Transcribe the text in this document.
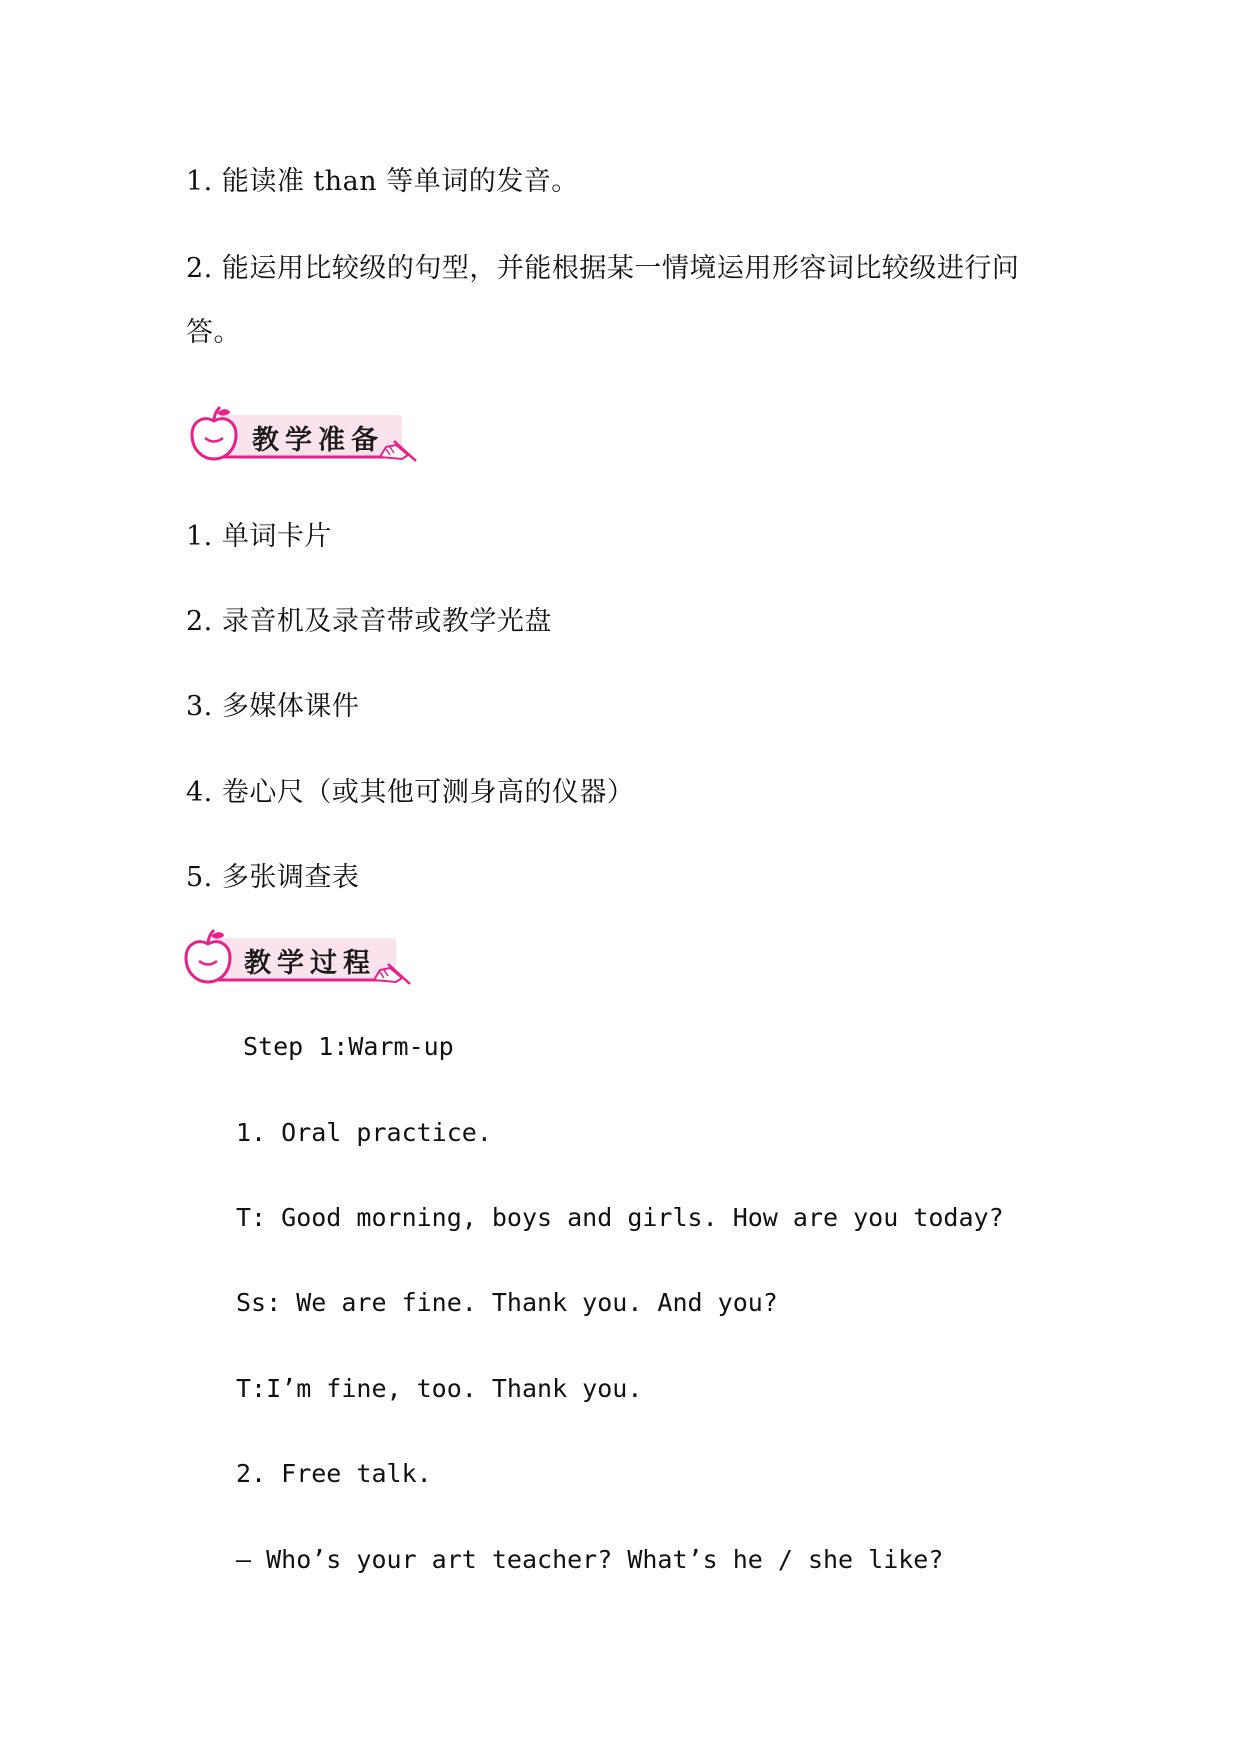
1. 能读准 than 等单词的发音。
2. 能运用比较级的句型，并能根据某一情境运用形容词比较级进行问
答。
教学准备
1. 单词卡片
2. 录音机及录音带或教学光盘
3. 多媒体课件
4. 卷心尺（或其他可测身高的仪器）
5. 多张调查表
教学过程
Step 1:Warm-up
1. Oral practice.
T: Good morning, boys and girls. How are you today?
Ss: We are fine. Thank you. And you?
T:I’m fine, too. Thank you.
2. Free talk.
— Who’s your art teacher? What’s he / she like?
